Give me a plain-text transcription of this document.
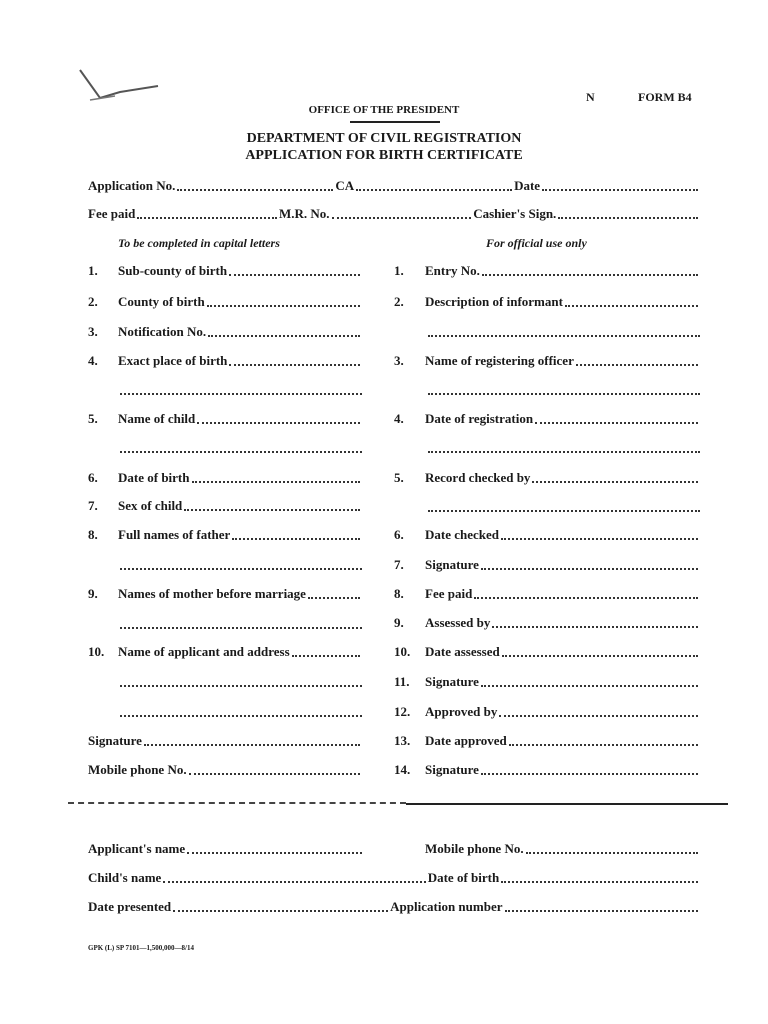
N	FORM B4
OFFICE OF THE PRESIDENT
DEPARTMENT OF CIVIL REGISTRATION
APPLICATION FOR BIRTH CERTIFICATE
Application No.	CA	Date
Fee paid	M.R. No.	Cashier's Sign.
To be completed in capital letters	For official use only
1. Sub-county of birth
2. County of birth
3. Notification No.
4. Exact place of birth
5. Name of child
6. Date of birth
7. Sex of child
8. Full names of father
9. Names of mother before marriage
10. Name of applicant and address
Signature
Mobile phone No.
1. Entry No.
2. Description of informant
3. Name of registering officer
4. Date of registration
5. Record checked by
6. Date checked
7. Signature
8. Fee paid
9. Assessed by
10. Date assessed
11. Signature
12. Approved by
13. Date approved
14. Signature
Applicant's name	Mobile phone No.
Child's name	Date of birth
Date presented	Application number
GPK (L) SP 7101—1,500,000—8/14
